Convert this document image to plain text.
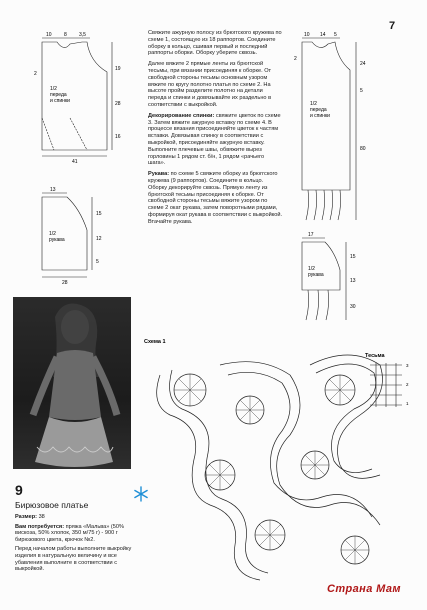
7
10 8 3,5
19
28
16
41
2
1/2
переда
и спинки
13
15
12
5
28
1/2
рукава

Свяжите ажурную полосу из брюггского кружева по схеме 1, состоящую из 18 раппортов. Соедините оборку в кольцо, сшивая первый и последний раппорты оборки. Оборку уберите сквозь.

Далее вяжите 2 прямые ленты из брюггской тесьмы, при вязании присоединяя к оборке. От свободной стороны тесьмы основным узором вяжите по кругу полотно платья по схеме 2. На высоте пройм разделите полотно на детали переда и спинки и довязывайте их раздельно в соответствии с выкройкой.

Декорирование спинки: свяжите цветок по схеме 3. Затем вяжите ажурную вставку по схеме 4. В процессе вязания присоединяйте цветок к частям вставки. Довязывая спинку в соответствии с выкройкой, присоединяйте ажурную вставку. Выполните плечевые швы, обвяжите вырез горловины 1 рядом ст. б/н, 1 рядом «рачьего шага».

Рукава: по схеме 5 свяжите оборку из брюггского кружева (9 раппортов). Соедините в кольцо. Оборку декорируйте сквозь. Прямую ленту из брюггской тесьмы присоединяя к оборке. От свободной стороны тесьмы вяжите узором по схеме 2 окат рукава, затем поворотными рядами, формируя окат рукава в соответствии с выкройкой. Втачайте рукава.

10 14 5
24
5
80
2
1/2
переда
и спинки
17
15
13
30
1/2
рукава
9
Бирюзовое платье

Размер: 38

Вам потребуется: пряжа «Мальва» (50% вискоза, 50% хлопок, 350 м/75 г) - 900 г бирюзового цвета, крючок №2.

Перед началом работы выполните выкройку изделия в натуральную величину и все убавления выполните в соответствии с выкройкой.

Схема 1
Тесьма
3
2
1
Страна Мам
